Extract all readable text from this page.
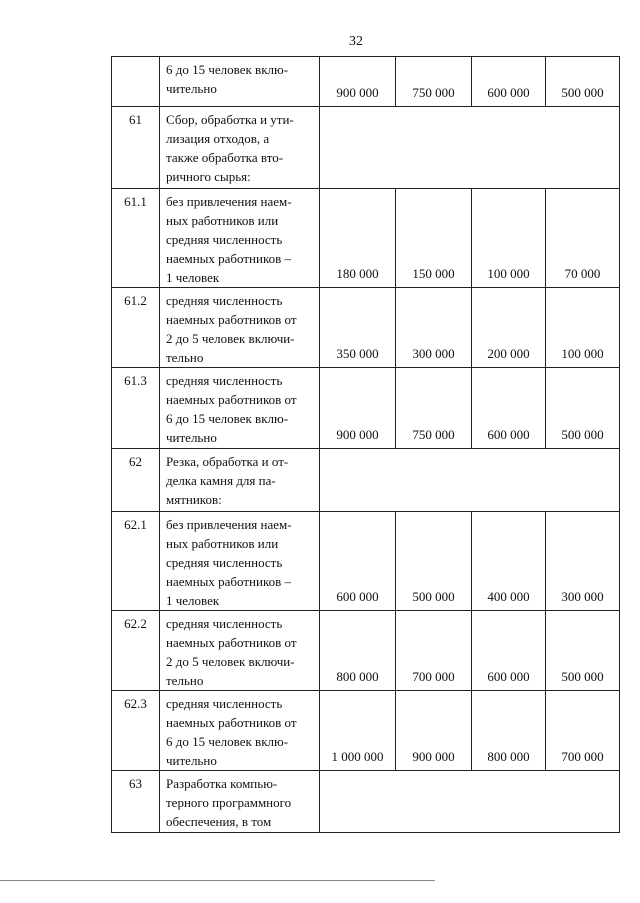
32

	6 до 15 человек вклю-
чительно	900 000	750 000	600 000	500 000
61	Сбор, обработка и ути-
лизация отходов, а
также обработка вто-
ричного сырья:				

61.1	без привлечения наем-
ных работников или
средняя численность
наемных работников –
1 человек	180 000	150 000	100 000	70 000
61.2	средняя численность
наемных работников от
2 до 5 человек включи-
тельно	350 000	300 000	200 000	100 000
61.3	средняя численность
наемных работников от
6 до 15 человек вклю-
чительно	900 000	750 000	600 000	500 000
62	Резка, обработка и от-
делка камня для па-
мятников:				

62.1	без привлечения наем-
ных работников или
средняя численность
наемных работников –
1 человек	600 000	500 000	400 000	300 000
62.2	средняя численность
наемных работников от
2 до 5 человек включи-
тельно	800 000	700 000	600 000	500 000
62.3	средняя численность
наемных работников от
6 до 15 человек вклю-
чительно	1 000 000	900 000	800 000	700 000
63	Разработка компью-
терного программного
обеспечения, в том				
